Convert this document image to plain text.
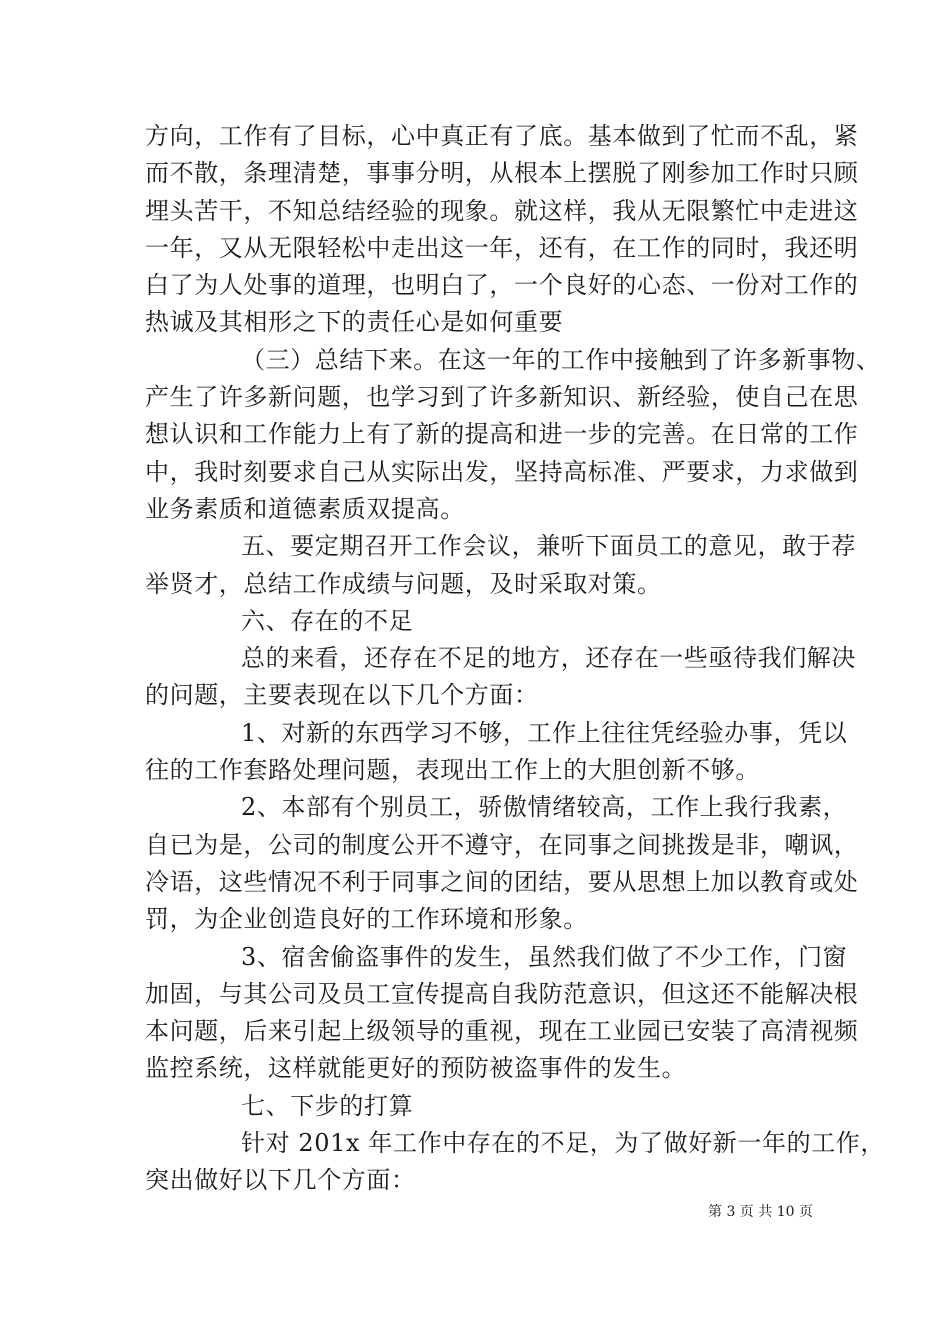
方向，工作有了目标，心中真正有了底。基本做到了忙而不乱，紧
而不散，条理清楚，事事分明，从根本上摆脱了刚参加工作时只顾
埋头苦干，不知总结经验的现象。就这样，我从无限繁忙中走进这
一年，又从无限轻松中走出这一年，还有，在工作的同时，我还明
白了为人处事的道理，也明白了，一个良好的心态、一份对工作的
热诚及其相形之下的责任心是如何重要
（三）总结下来。在这一年的工作中接触到了许多新事物、
产生了许多新问题，也学习到了许多新知识、新经验，使自己在思
想认识和工作能力上有了新的提高和进一步的完善。在日常的工作
中，我时刻要求自己从实际出发，坚持高标准、严要求，力求做到
业务素质和道德素质双提高。
五、要定期召开工作会议，兼听下面员工的意见，敢于荐
举贤才，总结工作成绩与问题，及时采取对策。
六、存在的不足
总的来看，还存在不足的地方，还存在一些亟待我们解决
的问题，主要表现在以下几个方面：
1、对新的东西学习不够，工作上往往凭经验办事，凭以
往的工作套路处理问题，表现出工作上的大胆创新不够。
2、本部有个别员工，骄傲情绪较高，工作上我行我素，
自已为是，公司的制度公开不遵守，在同事之间挑拨是非，嘲讽，
冷语，这些情况不利于同事之间的团结，要从思想上加以教育或处
罚，为企业创造良好的工作环境和形象。
3、宿舍偷盗事件的发生，虽然我们做了不少工作，门窗
加固，与其公司及员工宣传提高自我防范意识，但这还不能解决根
本问题，后来引起上级领导的重视，现在工业园已安装了高清视频
监控系统，这样就能更好的预防被盗事件的发生。
七、下步的打算
针对 201x 年工作中存在的不足，为了做好新一年的工作，
突出做好以下几个方面：
第 3 页 共 10 页
